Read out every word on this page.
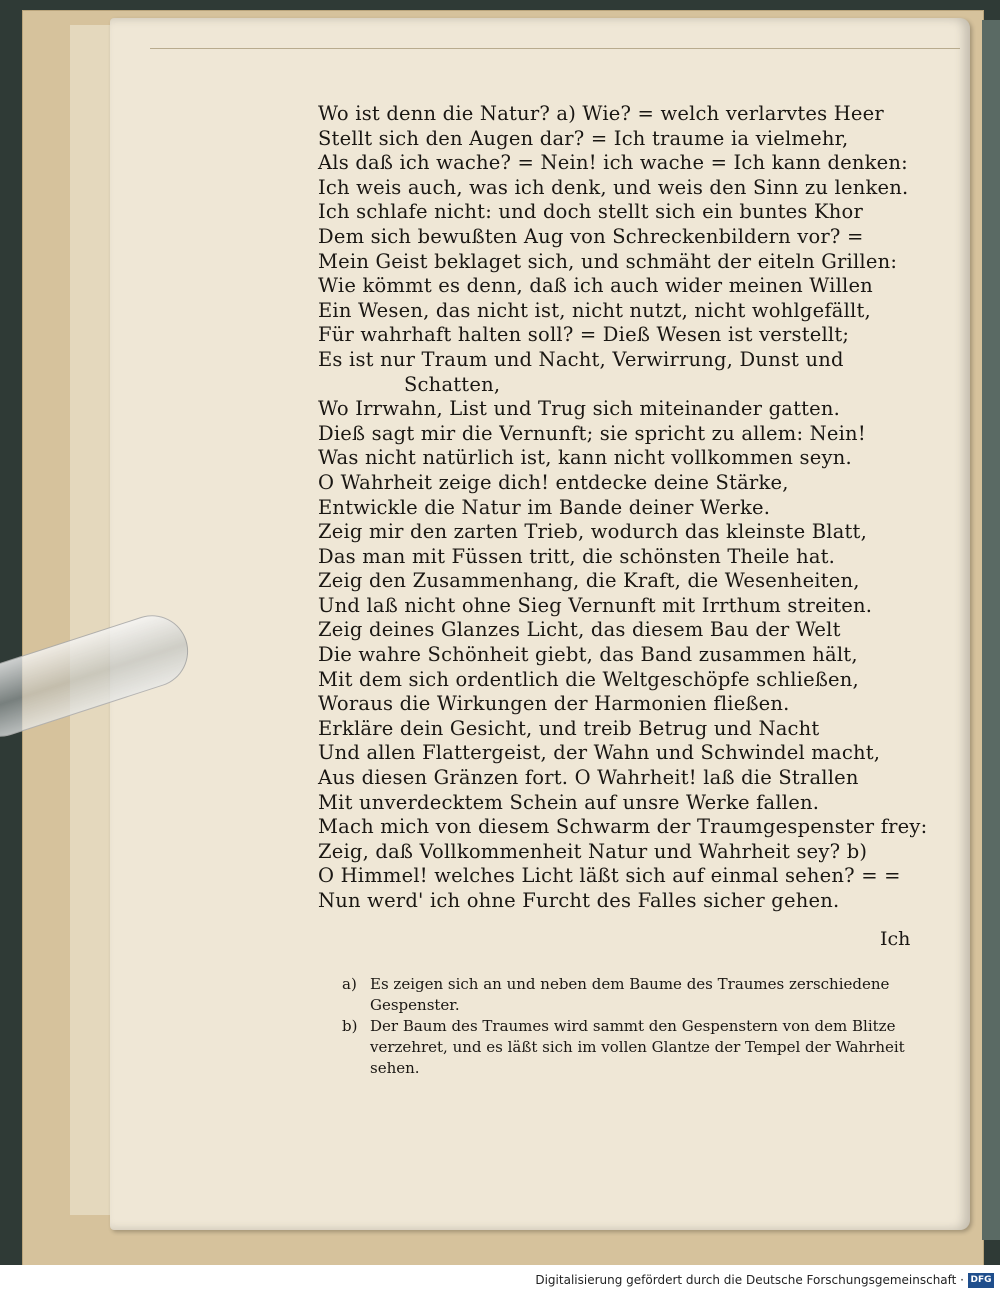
Wo ist denn die Natur? a) Wie? = welch verlarvtes Heer
Stellt sich den Augen dar? = Ich traume ia vielmehr,
Als daß ich wache? = Nein! ich wache = Ich kann denken:
Ich weis auch, was ich denk, und weis den Sinn zu lenken.
Ich schlafe nicht: und doch stellt sich ein buntes Khor
Dem sich bewußten Aug von Schreckenbildern vor? =
Mein Geist beklaget sich, und schmäht der eiteln Grillen:
Wie kömmt es denn, daß ich auch wider meinen Willen
Ein Wesen, das nicht ist, nicht nutzt, nicht wohlgefällt,
Für wahrhaft halten soll? = Dieß Wesen ist verstellt;
Es ist nur Traum und Nacht, Verwirrung, Dunst und
Schatten,
Wo Irrwahn, List und Trug sich miteinander gatten.
Dieß sagt mir die Vernunft; sie spricht zu allem: Nein!
Was nicht natürlich ist, kann nicht vollkommen seyn.
O Wahrheit zeige dich! entdecke deine Stärke,
Entwickle die Natur im Bande deiner Werke.
Zeig mir den zarten Trieb, wodurch das kleinste Blatt,
Das man mit Füssen tritt, die schönsten Theile hat.
Zeig den Zusammenhang, die Kraft, die Wesenheiten,
Und laß nicht ohne Sieg Vernunft mit Irrthum streiten.
Zeig deines Glanzes Licht, das diesem Bau der Welt
Die wahre Schönheit giebt, das Band zusammen hält,
Mit dem sich ordentlich die Weltgeschöpfe schließen,
Woraus die Wirkungen der Harmonien fließen.
Erkläre dein Gesicht, und treib Betrug und Nacht
Und allen Flattergeist, der Wahn und Schwindel macht,
Aus diesen Gränzen fort. O Wahrheit! laß die Strallen
Mit unverdecktem Schein auf unsre Werke fallen.
Mach mich von diesem Schwarm der Traumgespenster frey:
Zeig, daß Vollkommenheit Natur und Wahrheit sey? b)
O Himmel! welches Licht läßt sich auf einmal sehen? = =
Nun werd' ich ohne Furcht des Falles sicher gehen.
Ich
a) Es zeigen sich an und neben dem Baume des Traumes zerschiedene Gespenster.
b) Der Baum des Traumes wird sammt den Gespenstern von dem Blitze verzehret, und es läßt sich im vollen Glantze der Tempel der Wahrheit sehen.
Digitalisierung gefördert durch die Deutsche Forschungsgemeinschaft · DFG
